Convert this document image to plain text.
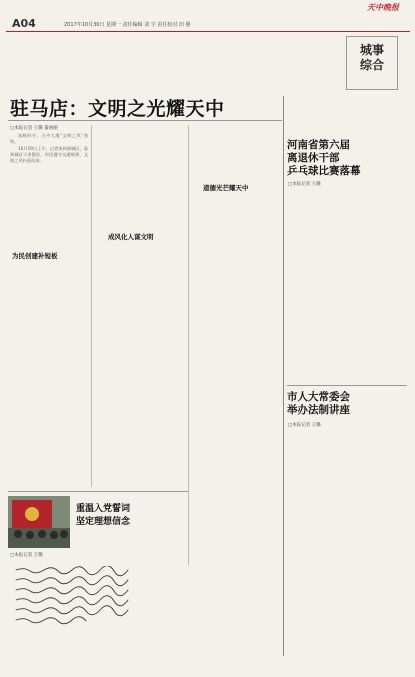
天中晚报
A04	2017年10月30日 星期一 责任编辑 刘 宇 责任校对 田 静
城事
综合
驻马店：文明之光耀天中
□本报记者 王璐 董丽丽

深秋时节，天中大地“文明之风”劲吹。

10月19日上午，记者来到驿城区，看到城区干净整洁，市民遵守交通规则，文明之风扑面而来。

为民创建补短板
成风化人谋文明
道德光芒耀天中
河南省第六届
离退休干部
乒乓球比赛落幕
□本报记者 王璐
市人大常委会
举办法制讲座
□本报记者 王璐
重温入党誓词
坚定理想信念
□本报记者 王璐
